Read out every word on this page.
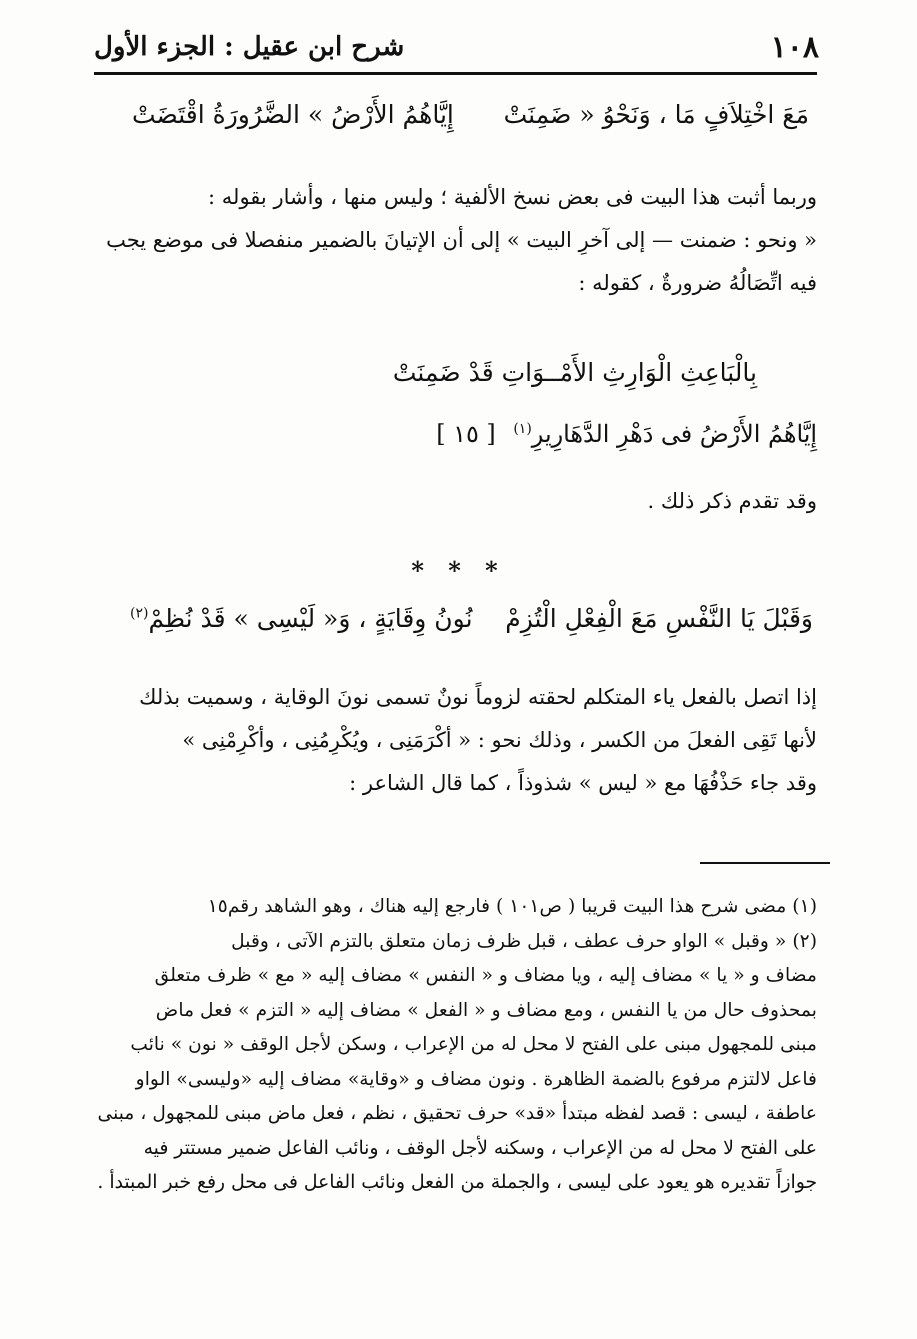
١٠٨
شرح ابن عقيل : الجزء الأول
مَعَ اخْتِلاَفٍ مَا ، وَنَحْوُ « ضَمِنَتْ
إِيَّاهُمُ الأَرْضُ » الضَّرُورَةُ اقْتَضَتْ
وربما أثبت هذا البيت فى بعض نسخ الألفية ؛ وليس منها ، وأشار بقوله :
« ونحو : ضمنت — إلى آخرِ البيت » إلى أن الإتيانَ بالضمير منفصلا فى موضع يجب
فيه اتِّصَالُهُ ضرورةٌ ، كقوله :
بِالْبَاعِثِ الْوَارِثِ الأَمْــوَاتِ قَدْ ضَمِنَتْ
إِيَّاهُمُ الأَرْضُ فى دَهْرِ الدَّهَارِيرِ$^{(١)}$ [ ١٥ ]
وقد تقدم ذكر ذلك .
* * *
وَقَبْلَ يَا النَّفْسِ مَعَ الْفِعْلِ الْتُزِمْ
نُونُ وِقَايَةٍ ، وَ« لَيْسِى » قَدْ نُظِمْ$^{(٢)}$
إذا اتصل بالفعل ياء المتكلم لحقته لزوماً نونٌ تسمى نونَ الوقاية ، وسميت بذلك
لأنها تَقِى الفعلَ من الكسر ، وذلك نحو : « أكْرَمَنِى ، ويُكْرِمُنِى ، وأكْرِمْنِى »
وقد جاء حَذْفُهَا مع « ليس » شذوذاً ، كما قال الشاعر :
(١) مضى شرح هذا البيت قريبا ( ص١٠١ ) فارجع إليه هناك ، وهو الشاهد رقم١٥
(٢) « وقبل » الواو حرف عطف ، قبل ظرف زمان متعلق بالتزم الآتى ، وقبل
مضاف و « يا » مضاف إليه ، ويا مضاف و « النفس » مضاف إليه « مع » ظرف متعلق
بمحذوف حال من يا النفس ، ومع مضاف و « الفعل » مضاف إليه « التزم » فعل ماض
مبنى للمجهول مبنى على الفتح لا محل له من الإعراب ، وسكن لأجل الوقف « نون » نائب
فاعل لالتزم مرفوع بالضمة الظاهرة . ونون مضاف و «وقاية» مضاف إليه «وليسى» الواو
عاطفة ، ليسى : قصد لفظه مبتدأ «قد» حرف تحقيق ، نظم ، فعل ماض مبنى للمجهول ، مبنى
على الفتح لا محل له من الإعراب ، وسكنه لأجل الوقف ، ونائب الفاعل ضمير مستتر فيه
جوازاً تقديره هو يعود على ليسى ، والجملة من الفعل ونائب الفاعل فى محل رفع خبر المبتدأ .
